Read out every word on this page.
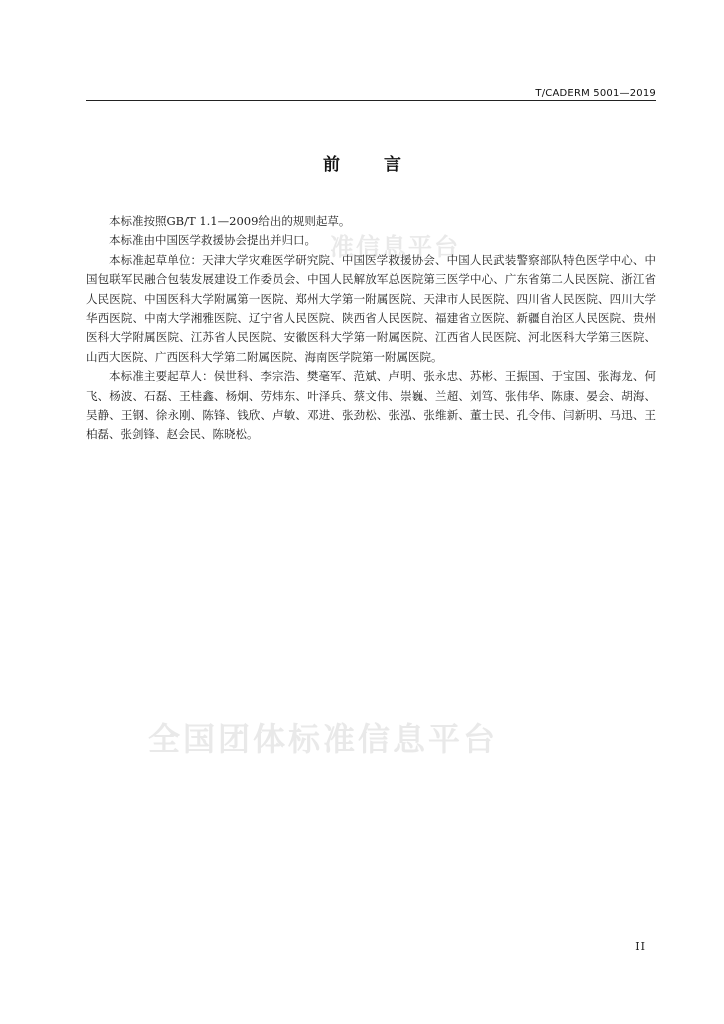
T/CADERM 5001—2019
前	言
准信息平台
全国团体标准信息平台

本标准按照GB/T 1.1—2009给出的规则起草。

本标准由中国医学救援协会提出并归口。

本标准起草单位：天津大学灾难医学研究院、中国医学救援协会、中国人民武装警察部队特色医学中心、中国包联军民融合包装发展建设工作委员会、中国人民解放军总医院第三医学中心、广东省第二人民医院、浙江省人民医院、中国医科大学附属第一医院、郑州大学第一附属医院、天津市人民医院、四川省人民医院、四川大学华西医院、中南大学湘雅医院、辽宁省人民医院、陕西省人民医院、福建省立医院、新疆自治区人民医院、贵州医科大学附属医院、江苏省人民医院、安徽医科大学第一附属医院、江西省人民医院、河北医科大学第三医院、山西大医院、广西医科大学第二附属医院、海南医学院第一附属医院。

本标准主要起草人：侯世科、李宗浩、樊毫军、范斌、卢明、张永忠、苏彬、王振国、于宝国、张海龙、何飞、杨波、石磊、王桂鑫、杨炯、劳炜东、叶泽兵、蔡文伟、崇巍、兰超、刘笃、张伟华、陈康、晏会、胡海、吴静、王钢、徐永刚、陈锋、钱欣、卢敏、邓进、张劲松、张泓、张维新、董士民、孔令伟、闫新明、马迅、王柏磊、张剑锋、赵会民、陈晓松。

II
